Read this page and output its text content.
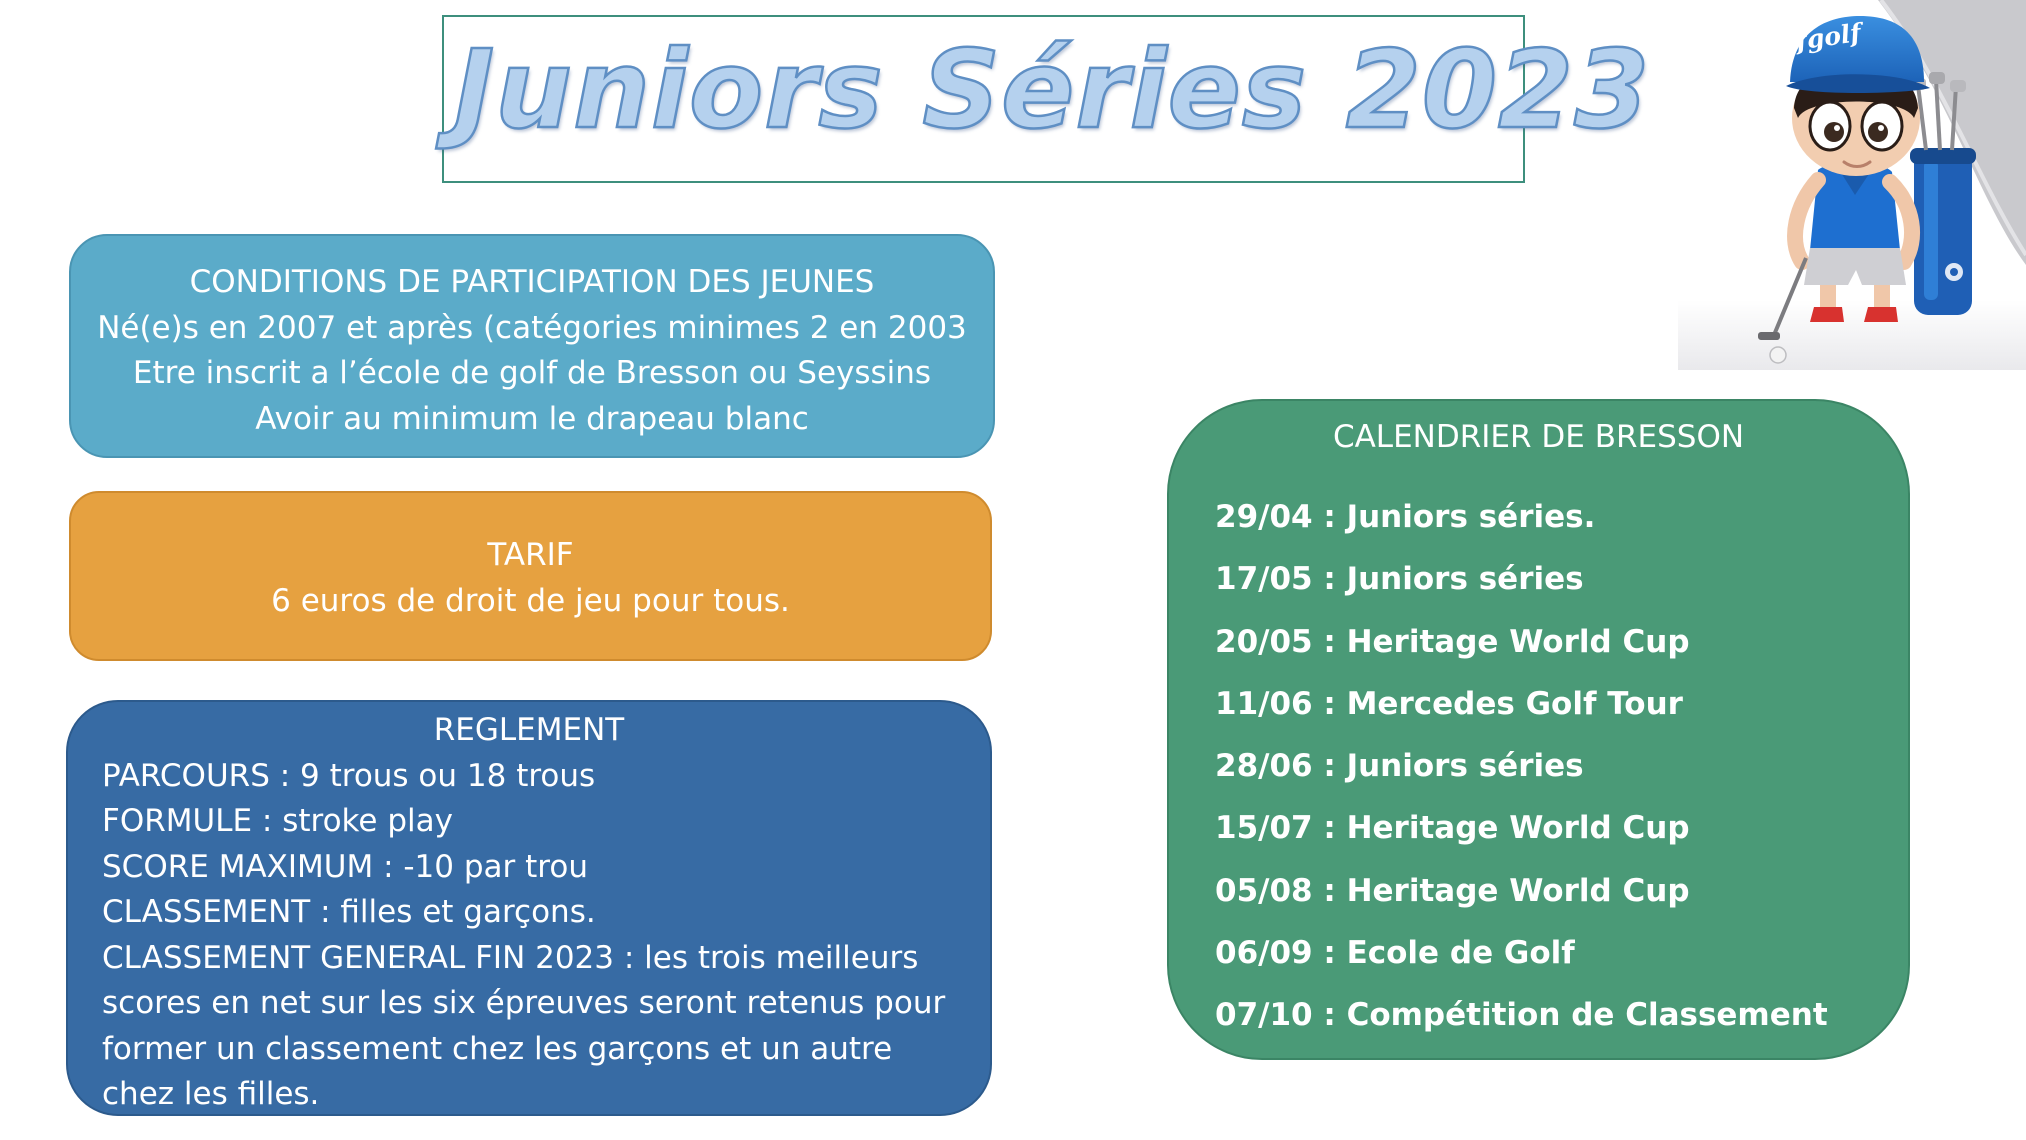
Juniors Séries 2023	ffgolf
CONDITIONS DE PARTICIPATION DES JEUNES
Né(e)s en 2007 et après (catégories minimes 2 en 2003
Etre inscrit a l’école de golf de Bresson ou Seyssins
Avoir au minimum le drapeau blanc
TARIF
6 euros de droit de jeu pour tous.
REGLEMENT
PARCOURS : 9 trous ou 18 trous
FORMULE : stroke play
SCORE MAXIMUM : -10 par trou
CLASSEMENT : filles et garçons.
CLASSEMENT GENERAL FIN 2023 : les trois meilleurs scores en net sur les six épreuves seront retenus pour former un classement chez les garçons et un autre chez les filles.
CALENDRIER DE BRESSON
29/04 : Juniors séries.
17/05 : Juniors séries
20/05 : Heritage World Cup
11/06 : Mercedes Golf Tour
28/06 : Juniors séries
15/07 : Heritage World Cup
05/08 : Heritage World Cup
06/09 : Ecole de Golf
07/10 : Compétition de Classement
